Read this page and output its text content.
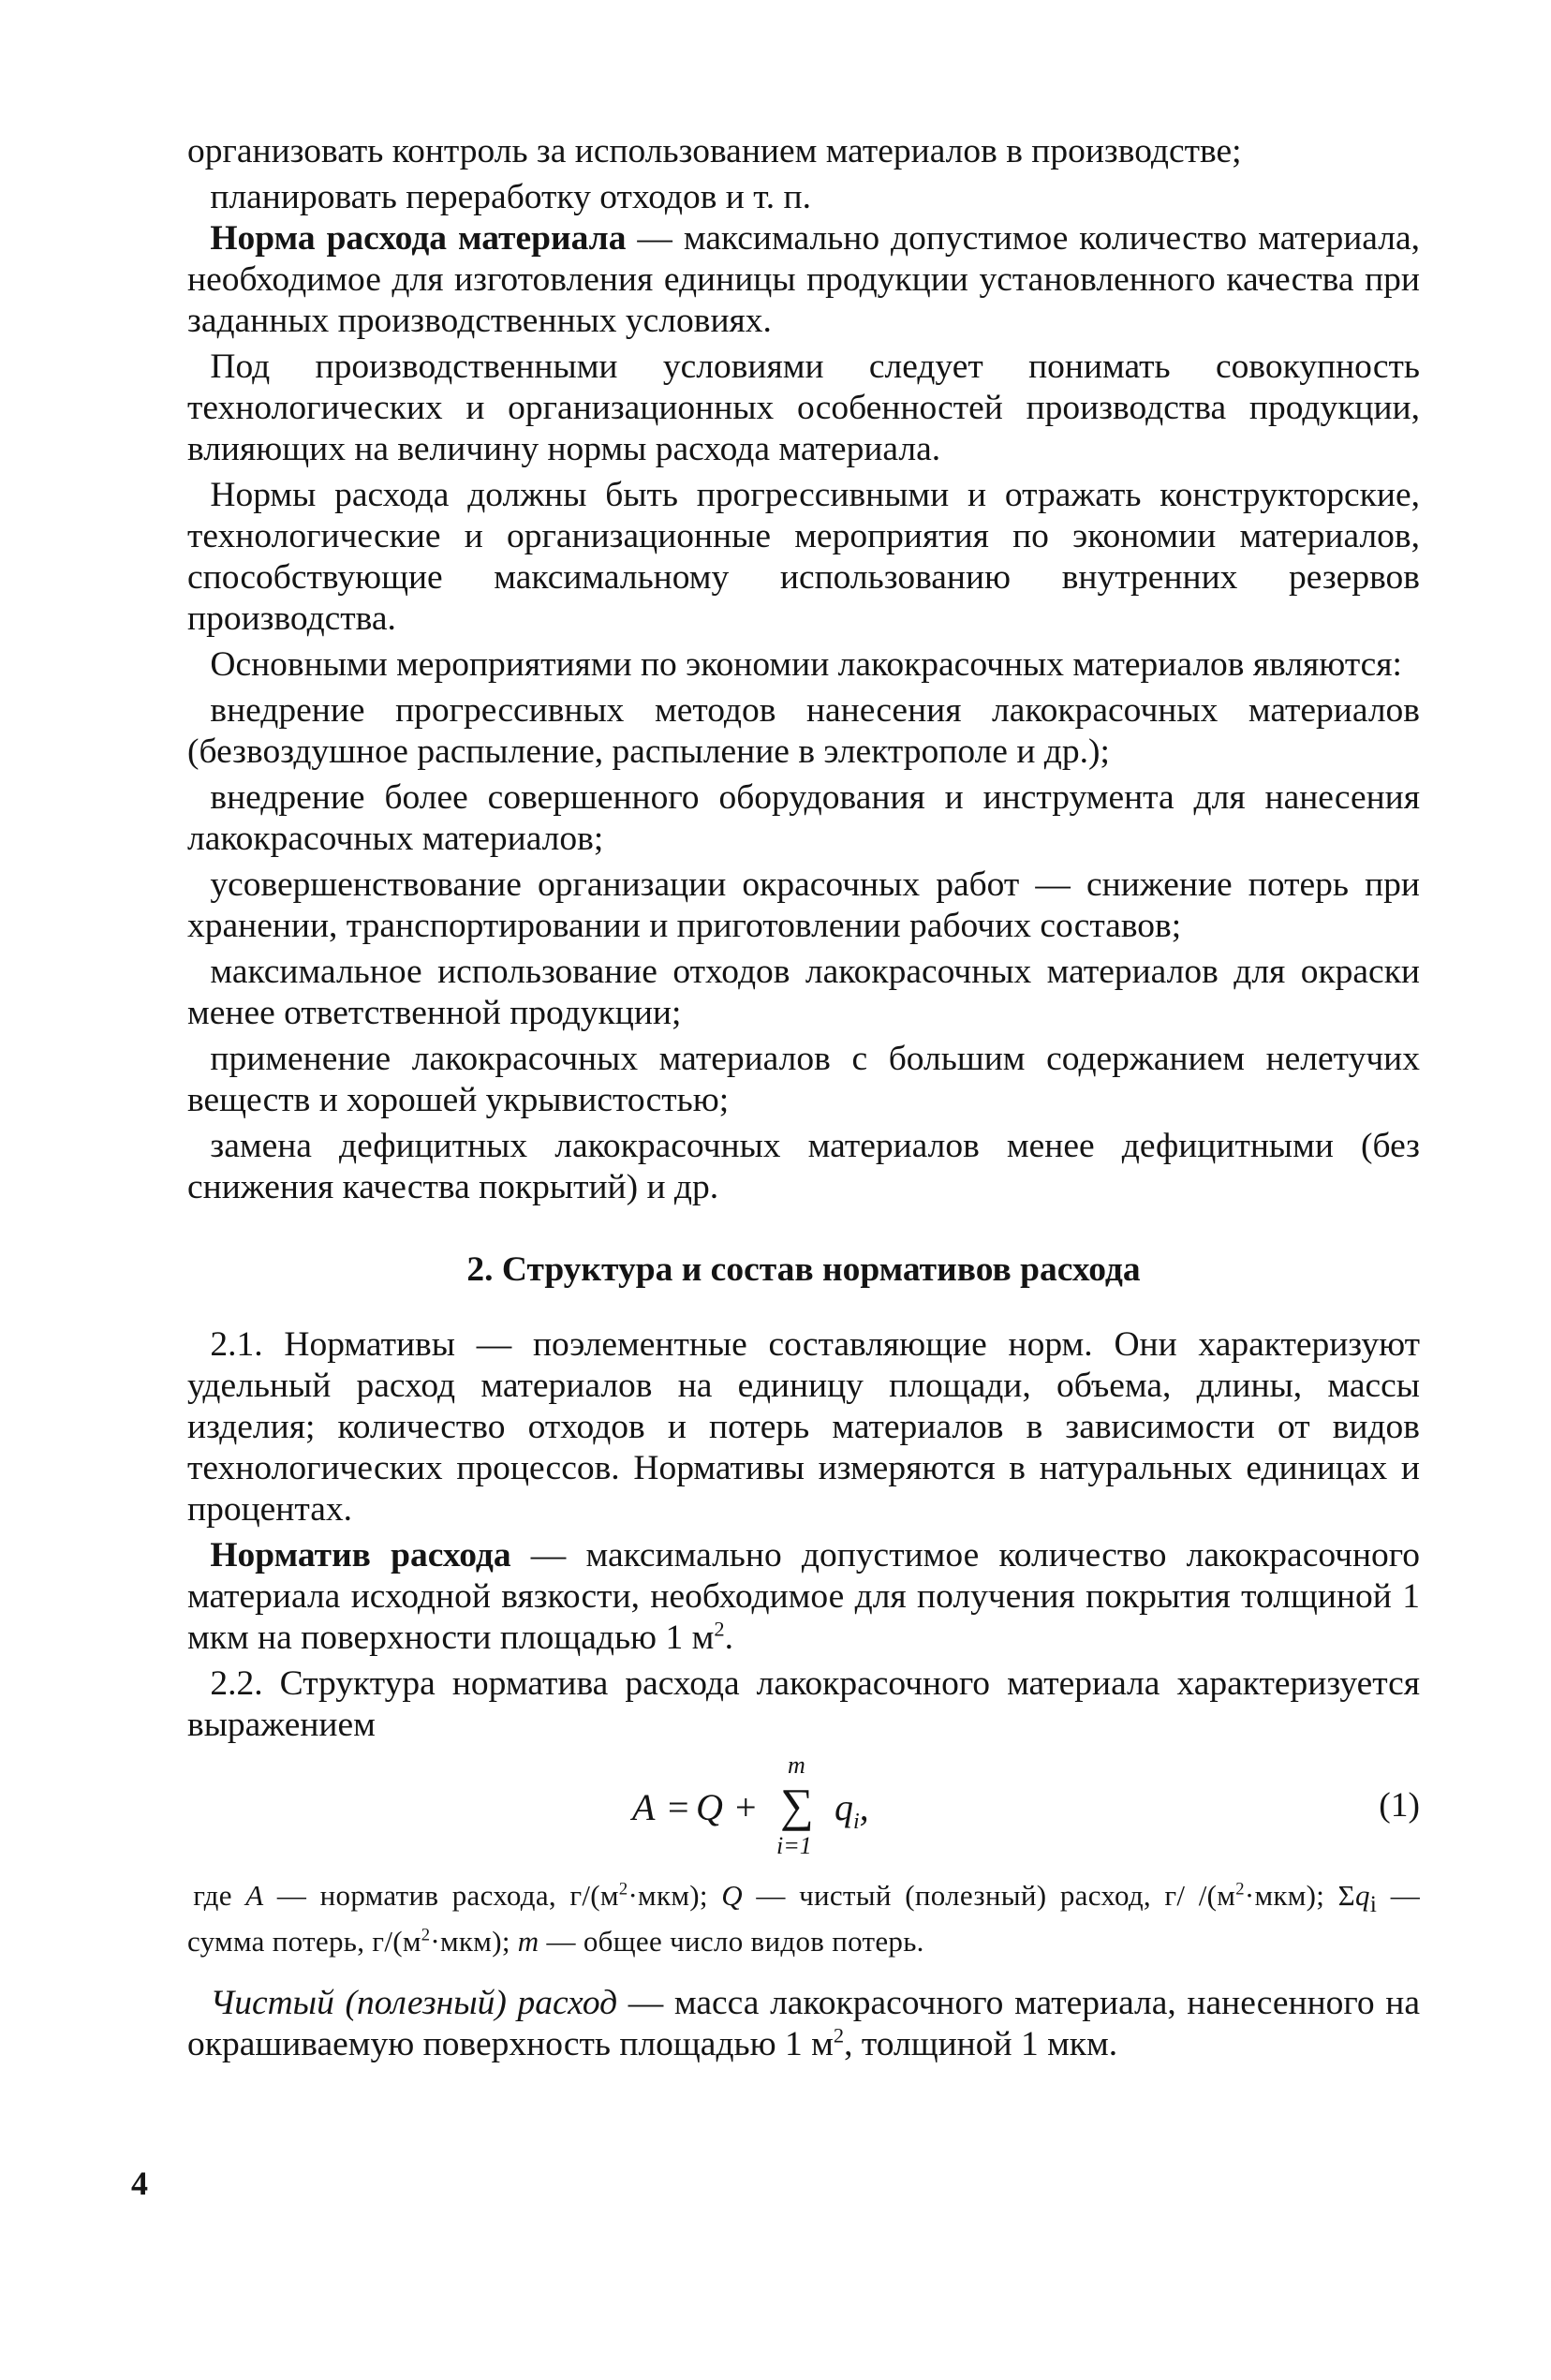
организовать контроль за использованием материалов в производстве;

планировать переработку отходов и т. п.

Норма расхода материала — максимально допустимое количество материала, необходимое для изготовления единицы продукции установленного качества при заданных производственных условиях.

Под производственными условиями следует понимать совокупность технологических и организационных особенностей производства продукции, влияющих на величину нормы расхода материала.

Нормы расхода должны быть прогрессивными и отражать конструкторские, технологические и организационные мероприятия по экономии материалов, способствующие максимальному использованию внутренних резервов производства.

Основными мероприятиями по экономии лакокрасочных материалов являются:

внедрение прогрессивных методов нанесения лакокрасочных материалов (безвоздушное распыление, распыление в электрополе и др.);

внедрение более совершенного оборудования и инструмента для нанесения лакокрасочных материалов;

усовершенствование организации окрасочных работ — снижение потерь при хранении, транспортировании и приготовлении рабочих составов;

максимальное использование отходов лакокрасочных материалов для окраски менее ответственной продукции;

применение лакокрасочных материалов с большим содержанием нелетучих веществ и хорошей укрывистостью;

замена дефицитных лакокрасочных материалов менее дефицитными (без снижения качества покрытий) и др.

2. Структура и состав нормативов расхода

2.1. Нормативы — поэлементные составляющие норм. Они характеризуют удельный расход материалов на единицу площади, объема, длины, массы изделия; количество отходов и потерь материалов в зависимости от видов технологических процессов. Нормативы измеряются в натуральных единицах и процентах.

Норматив расхода — максимально допустимое количество лакокрасочного материала исходной вязкости, необходимое для получения покрытия толщиной 1 мкм на поверхности площадью 1 $м^2$.

2.2. Структура норматива расхода лакокрасочного материала характеризуется выражением

A = Q +
m
∑
i=1
$q_i$,	(1)

где A — норматив расхода, $г/(м^2\cdot мкм)$; Q — чистый (полезный) расход, г/ $/(м^2\cdot мкм)$; $\Sigma q_i$ — сумма потерь, $г/(м^2\cdot мкм)$; m — общее число видов потерь.

Чистый (полезный) расход — масса лакокрасочного материала, нанесенного на окрашиваемую поверхность площадью 1 $м^2$, толщиной 1 мкм.

4
